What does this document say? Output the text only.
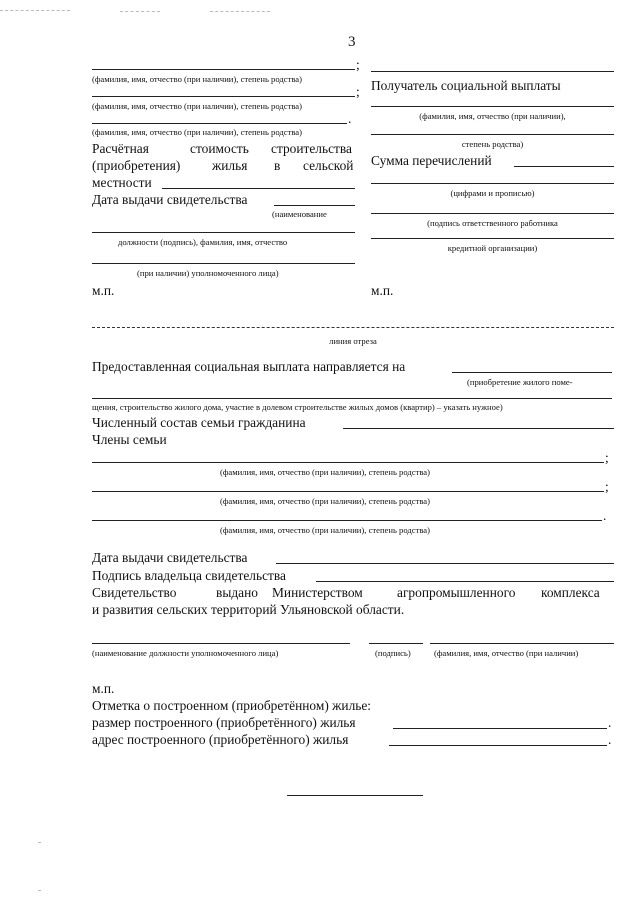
3
;
(фамилия, имя, отчество (при наличии), степень родства)
;
(фамилия, имя, отчество (при наличии), степень родства)
.
(фамилия, имя, отчество (при наличии), степень родства)
Расчётная	стоимость строительства
(приобретения) жилья в сельской
местности
Дата выдачи свидетельства
(наименование
должности (подпись), фамилия, имя, отчество
(при наличии) уполномоченного лица)
м.п.
Получатель социальной выплаты
(фамилия, имя, отчество (при наличии),
степень родства)
Сумма перечислений
(цифрами и прописью)
(подпись ответственного работника
кредитной организации)
м.п.
линия отреза
Предоставленная социальная выплата направляется на
(приобретение жилого поме-
щения, строительство жилого дома, участие в долевом строительстве жилых домов (квартир) – указать нужное)
Численный состав семьи гражданина
Члены семьи
;
(фамилия, имя, отчество (при наличии), степень родства)
;
(фамилия, имя, отчество (при наличии), степень родства)
.
(фамилия, имя, отчество (при наличии), степень родства)
Дата выдачи свидетельства
Подпись владельца свидетельства
Свидетельство	выдано Министерством	агропромышленного комплекса
и развития сельских территорий Ульяновской области.
(наименование должности уполномоченного лица)	(подпись)	(фамилия, имя, отчество (при наличии)
м.п.
Отметка о построенном (приобретённом) жилье:
размер построенного (приобретённого) жилья	.
адрес построенного (приобретённого) жилья	.
